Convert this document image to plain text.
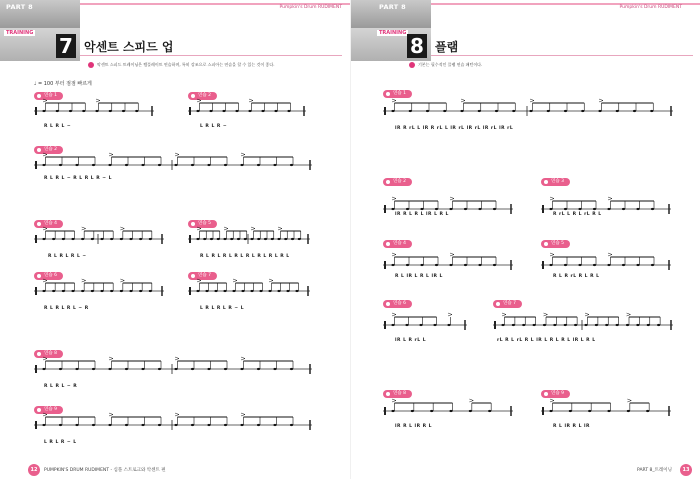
PART 8	Pumpkin's Drum RUDIMENT
TRAINING
7 악센트 스피드 업
악센트 스피드 트레이닝은 템플레이트 연습하며, 특히 강조으로 스피아는 연습을 할 수 있는 것이 좋다.
♩ = 100 부터 점점 빠르게
연습 1
R L R L ~
연습 2
L R L R ~
연습 2
R L R L ~ R L R L R ~ L
연습 4
R L R L R L ~
연습 5
R L R L R L R L R L R L R L R L
연습 6
R L R L R L ~ R
연습 7
L R L R L R ~ L
연습 8
R L R L ~ R
연습 9
L R L R ~ L
12	PUMPKIN'S DRUM RUDIMENT - 심플 스트로크와 악센트 편
PART 8	Pumpkin's Drum RUDIMENT
TRAINING
8 플램
기본는 필수적인 플램 연습 패턴이다.
연습 1
lR R rL L lR R rL L lR rL lR rL lR rL lR rL
연습 2
lR R L R L lR L R L
연습 3
R rL L R L rL R L
연습 4
R L lR L R L lR L
연습 5
R L R rL R L R L
연습 6
lR L R rL L
연습 7
rL R L rL R L lR L R L R L lR L R L
연습 8
lR R L lR R L
연습 9
R L lR R L lR
PART 8_트레이닝	13
